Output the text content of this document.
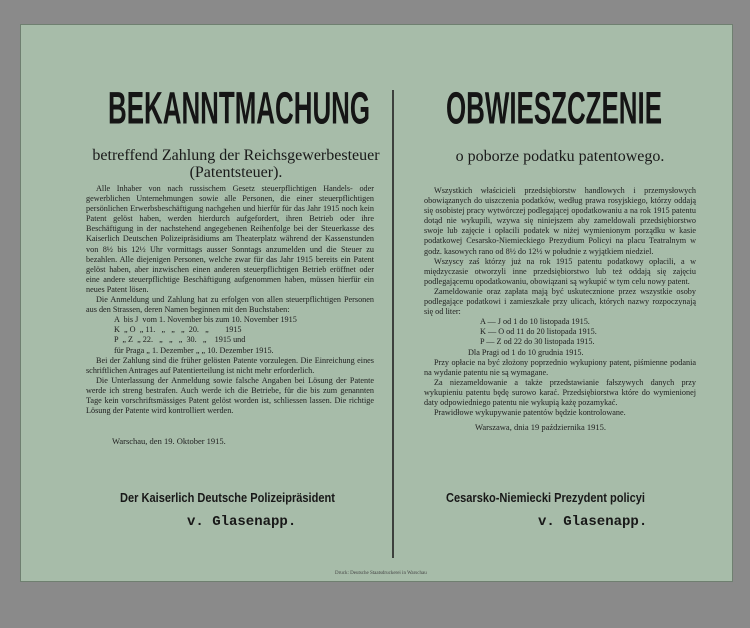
BEKANNTMACHUNG
betreffend Zahlung der Reichsgewerbesteuer
(Patentsteuer).

Alle Inhaber von nach russischem Gesetz steuerpflichtigen Handels- oder gewerblichen Unternehmungen sowie alle Personen, die einer steuerpflichtigen persönlichen Erwerbsbeschäftigung nachgehen und hierfür für das Jahr 1915 noch kein Patent gelöst haben, werden hierdurch aufgefordert, ihren Betrieb oder ihre Beschäftigung in der nachstehend angegebenen Reihenfolge bei der Steuerkasse des Kaiserlich Deutschen Polizeipräsidiums am Theaterplatz während der Kassenstunden von 8½ bis 12½ Uhr vormittags ausser Sonntags anzumelden und die Steuer zu bezahlen. Alle diejenigen Personen, welche zwar für das Jahr 1915 bereits ein Patent gelöst haben, aber inzwischen einen anderen steuerpflichtigen Betrieb eröffnet oder eine andere steuerpflichtige Beschäftigung aufgenommen haben, müssen hierfür ein neues Patent lösen.

Die Anmeldung und Zahlung hat zu erfolgen von allen steuerpflichtigen Personen aus den Strassen, deren Namen beginnen mit den Buchstaben:

A  bis J  vom 1. November bis zum 10. November 1915
K  „ O  „ 11.   „   „   „  20.   „        1915
P  „ Z  „ 22.   „   „   „  30.   „    1915 und
für Praga „ 1. Dezember „ „ 10. Dezember 1915.

Bei der Zahlung sind die früher gelösten Patente vorzulegen. Die Einreichung eines schriftlichen Antrages auf Patentierteilung ist nicht mehr erforderlich.

Die Unterlassung der Anmeldung sowie falsche Angaben bei Lösung der Patente werde ich streng bestrafen. Auch werde ich die Betriebe, für die bis zum genannten Tage kein vorschriftsmässiges Patent gelöst worden ist, schliessen lassen. Die richtige Lösung der Patente wird kontrolliert werden.

Warschau, den 19. Oktober 1915.
Der Kaiserlich Deutsche Polizeipräsident
v. Glasenapp.
OBWIESZCZENIE
o poborze podatku patentowego.

Wszystkich właścicieli przedsiębiorstw handlowych i przemysłowych obowiązanych do uiszczenia podatków, według prawa rosyjskiego, którzy oddają się osobistej pracy wytwórczej podlegającej opodatkowaniu a na rok 1915 patentu dotąd nie wykupili, wzywa się niniejszem aby zameldowali przedsiębiorstwo swoje lub zajęcie i opłacili podatek w niżej wymienionym porządku w kasie podatkowej Cesarsko-Niemieckiego Prezydium Policyi na placu Teatralnym w godz. kasowych rano od 8½ do 12½ w południe z wyjątkiem niedziel.

Wszyscy zaś którzy już na rok 1915 patentu podatkowy opłacili, a w międzyczasie otworzyli inne przedsiębiorstwo lub też oddają się zajęciu podlegającemu opodatkowaniu, obowiązani są wykupić w tym celu nowy patent.

Zameldowanie oraz zapłata mają być uskutecznione przez wszystkie osoby podlegające podatkowi i zamieszkałe przy ulicach, których nazwy rozpoczynają się od liter:

A — J od 1 do 10 listopada 1915.
K — O od 11 do 20 listopada 1915.
P — Z od 22 do 30 listopada 1915.
Dla Pragi od 1 do 10 grudnia 1915.

Przy opłacie na być złożony poprzednio wykupiony patent, piśmienne podania na wydanie patentu nie są wymagane.

Za niezameldowanie a także przedstawianie fałszywych danych przy wykupieniu patentu będę surowo karać. Przedsiębiorstwa które do wymienionej daty odpowiedniego patentu nie wykupią każę pozamykać.

Prawidłowe wykupywanie patentów będzie kontrolowane.

Warszawa, dnia 19 października 1915.
Cesarsko-Niemiecki Prezydent policyi
v. Glasenapp.
Druck: Deutsche Staatsdruckerei in Warschau
